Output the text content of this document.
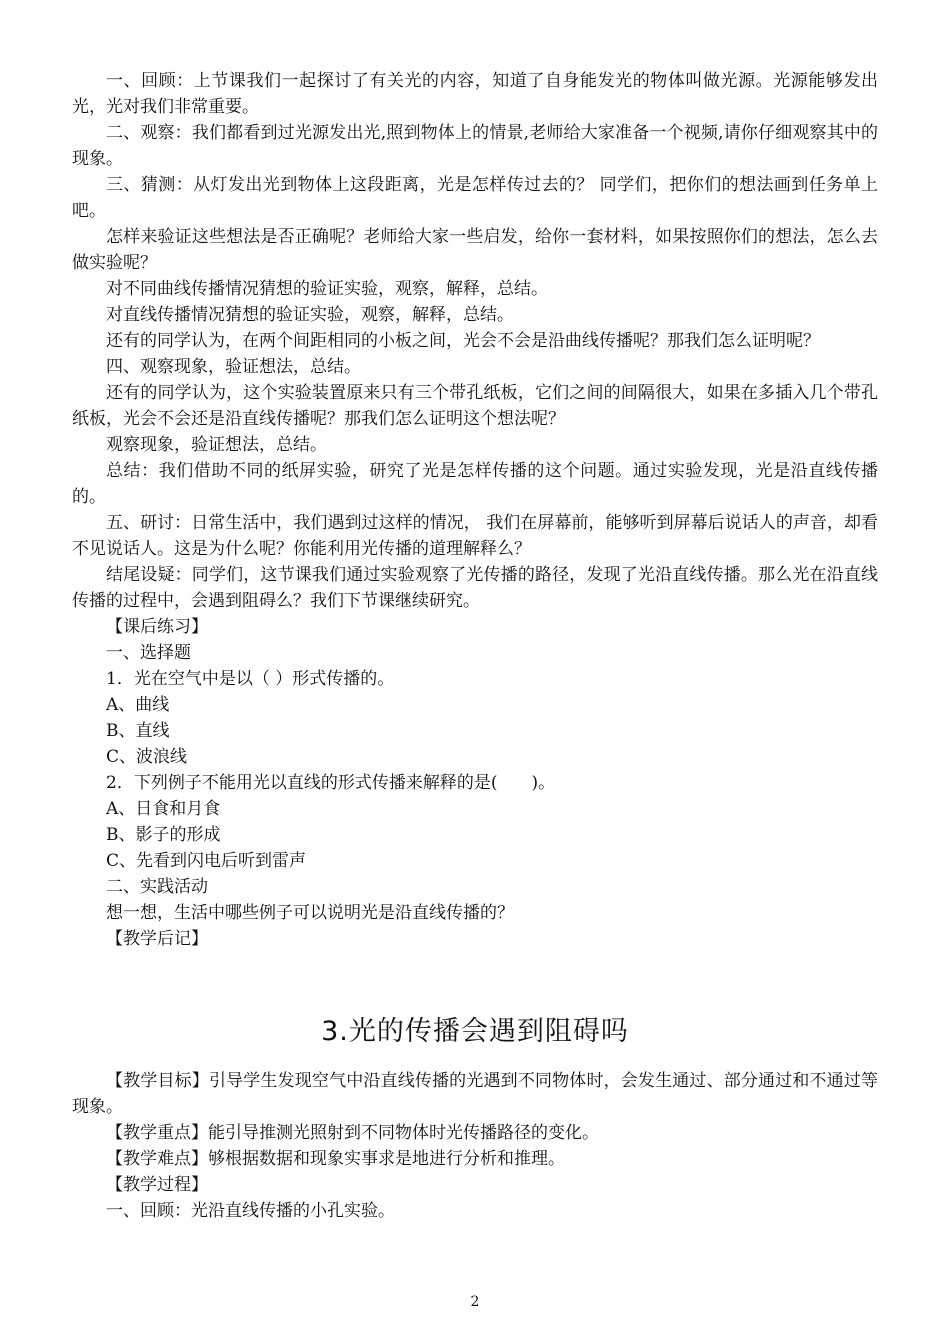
一、回顾：上节课我们一起探讨了有关光的内容，知道了自身能发光的物体叫做光源。光源能够发出光，光对我们非常重要。

二、观察：我们都看到过光源发出光,照到物体上的情景,老师给大家准备一个视频,请你仔细观察其中的现象。

三、猜测：从灯发出光到物体上这段距离，光是怎样传过去的？ 同学们，把你们的想法画到任务单上吧。

怎样来验证这些想法是否正确呢？老师给大家一些启发，给你一套材料，如果按照你们的想法，怎么去做实验呢？

对不同曲线传播情况猜想的验证实验，观察，解释，总结。

对直线传播情况猜想的验证实验，观察，解释，总结。

还有的同学认为，在两个间距相同的小板之间，光会不会是沿曲线传播呢？那我们怎么证明呢？

四、观察现象，验证想法，总结。

还有的同学认为，这个实验装置原来只有三个带孔纸板，它们之间的间隔很大，如果在多插入几个带孔纸板，光会不会还是沿直线传播呢？那我们怎么证明这个想法呢？

观察现象，验证想法，总结。

总结：我们借助不同的纸屏实验，研究了光是怎样传播的这个问题。通过实验发现，光是沿直线传播的。

五、研讨：日常生活中，我们遇到过这样的情况， 我们在屏幕前，能够听到屏幕后说话人的声音，却看不见说话人。这是为什么呢？你能利用光传播的道理解释么？

结尾设疑：同学们，这节课我们通过实验观察了光传播的路径，发现了光沿直线传播。那么光在沿直线传播的过程中，会遇到阻碍么？我们下节课继续研究。

【课后练习】

一、选择题

1．光在空气中是以（ ）形式传播的。

A、曲线

B、直线

C、波浪线

2．下列例子不能用光以直线的形式传播来解释的是(　　)。

A、日食和月食

B、影子的形成

C、先看到闪电后听到雷声

二、实践活动

想一想，生活中哪些例子可以说明光是沿直线传播的？

【教学后记】

3.光的传播会遇到阻碍吗

【教学目标】引导学生发现空气中沿直线传播的光遇到不同物体时，会发生通过、部分通过和不通过等现象。

【教学重点】能引导推测光照射到不同物体时光传播路径的变化。

【教学难点】够根据数据和现象实事求是地进行分析和推理。

【教学过程】

一、回顾：光沿直线传播的小孔实验。

2
